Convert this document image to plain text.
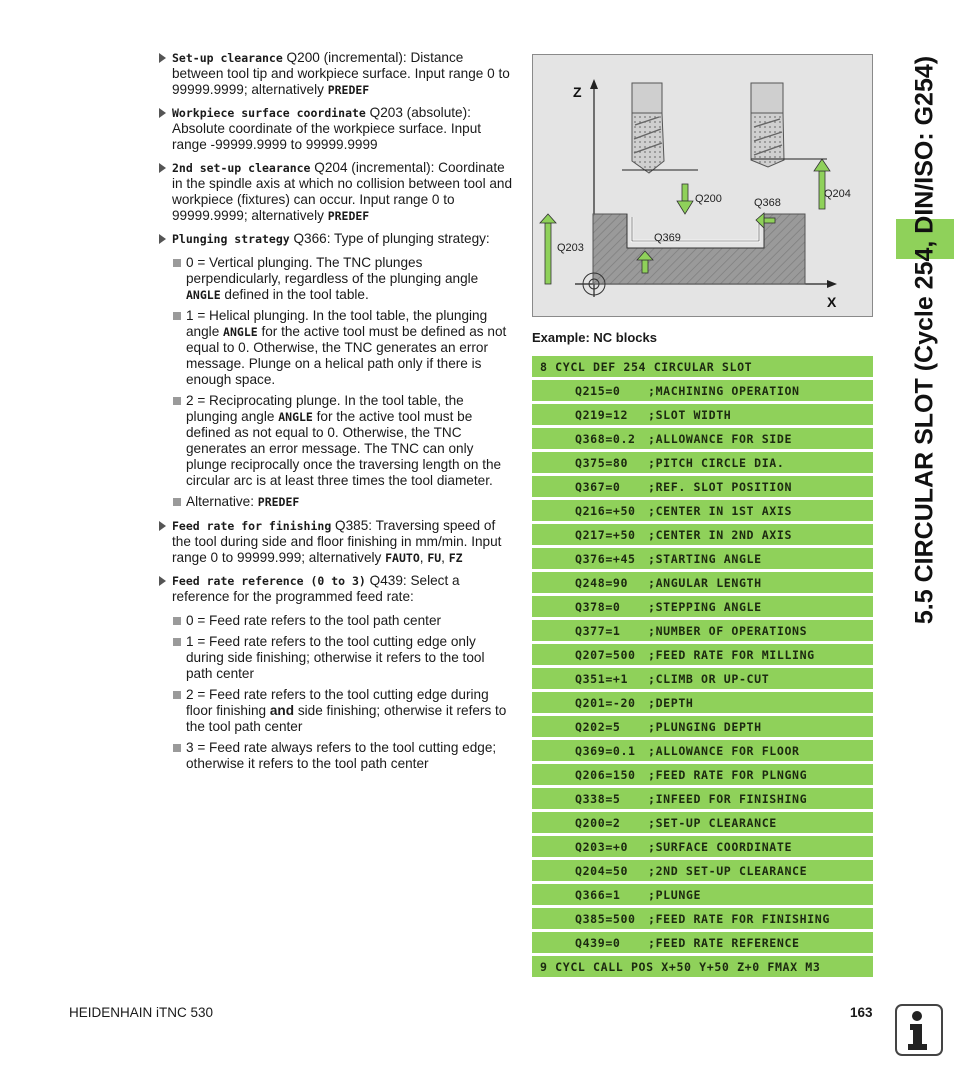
Set-up clearance Q200 (incremental): Distance between tool tip and workpiece surface. Input range 0 to 99999.9999; alternatively PREDEF
Workpiece surface coordinate Q203 (absolute): Absolute coordinate of the workpiece surface. Input range -99999.9999 to 99999.9999
2nd set-up clearance Q204 (incremental): Coordinate in the spindle axis at which no collision between tool and workpiece (fixtures) can occur. Input range 0 to 99999.9999; alternatively PREDEF
Plunging strategy Q366: Type of plunging strategy:
0 = Vertical plunging. The TNC plunges perpendicularly, regardless of the plunging angle ANGLE defined in the tool table.
1 = Helical plunging. In the tool table, the plunging angle ANGLE for the active tool must be defined as not equal to 0. Otherwise, the TNC generates an error message. Plunge on a helical path only if there is enough space.
2 = Reciprocating plunge. In the tool table, the plunging angle ANGLE for the active tool must be defined as not equal to 0. Otherwise, the TNC generates an error message. The TNC can only plunge reciprocally once the traversing length on the circular arc is at least three times the tool diameter.
Alternative: PREDEF
Feed rate for finishing Q385: Traversing speed of the tool during side and floor finishing in mm/min. Input range 0 to 99999.999; alternatively FAUTO, FU, FZ
Feed rate reference (0 to 3) Q439: Select a reference for the programmed feed rate:
0 = Feed rate refers to the tool path center
1 = Feed rate refers to the tool cutting edge only during side finishing; otherwise it refers to the tool path center
2 = Feed rate refers to the tool cutting edge during floor finishing and side finishing; otherwise it refers to the tool path center
3 = Feed rate always refers to the tool cutting edge; otherwise it refers to the tool path center
Z
X
Q200	Q368
Q204
Q369
Q203
Example: NC blocks
8 CYCL DEF 254 CIRCULAR SLOT
Q215=0 ;MACHINING OPERATION
Q219=12 ;SLOT WIDTH
Q368=0.2 ;ALLOWANCE FOR SIDE
Q375=80 ;PITCH CIRCLE DIA.
Q367=0 ;REF. SLOT POSITION
Q216=+50 ;CENTER IN 1ST AXIS
Q217=+50 ;CENTER IN 2ND AXIS
Q376=+45 ;STARTING ANGLE
Q248=90 ;ANGULAR LENGTH
Q378=0 ;STEPPING ANGLE
Q377=1 ;NUMBER OF OPERATIONS
Q207=500 ;FEED RATE FOR MILLING
Q351=+1 ;CLIMB OR UP-CUT
Q201=-20 ;DEPTH
Q202=5 ;PLUNGING DEPTH
Q369=0.1 ;ALLOWANCE FOR FLOOR
Q206=150 ;FEED RATE FOR PLNGNG
Q338=5 ;INFEED FOR FINISHING
Q200=2 ;SET-UP CLEARANCE
Q203=+0 ;SURFACE COORDINATE
Q204=50 ;2ND SET-UP CLEARANCE
Q366=1 ;PLUNGE
Q385=500 ;FEED RATE FOR FINISHING
Q439=0 ;FEED RATE REFERENCE
9 CYCL CALL POS X+50 Y+50 Z+0 FMAX M3
5.5 CIRCULAR SLOT (Cycle 254, DIN/ISO: G254)
HEIDENHAIN iTNC 530	163
